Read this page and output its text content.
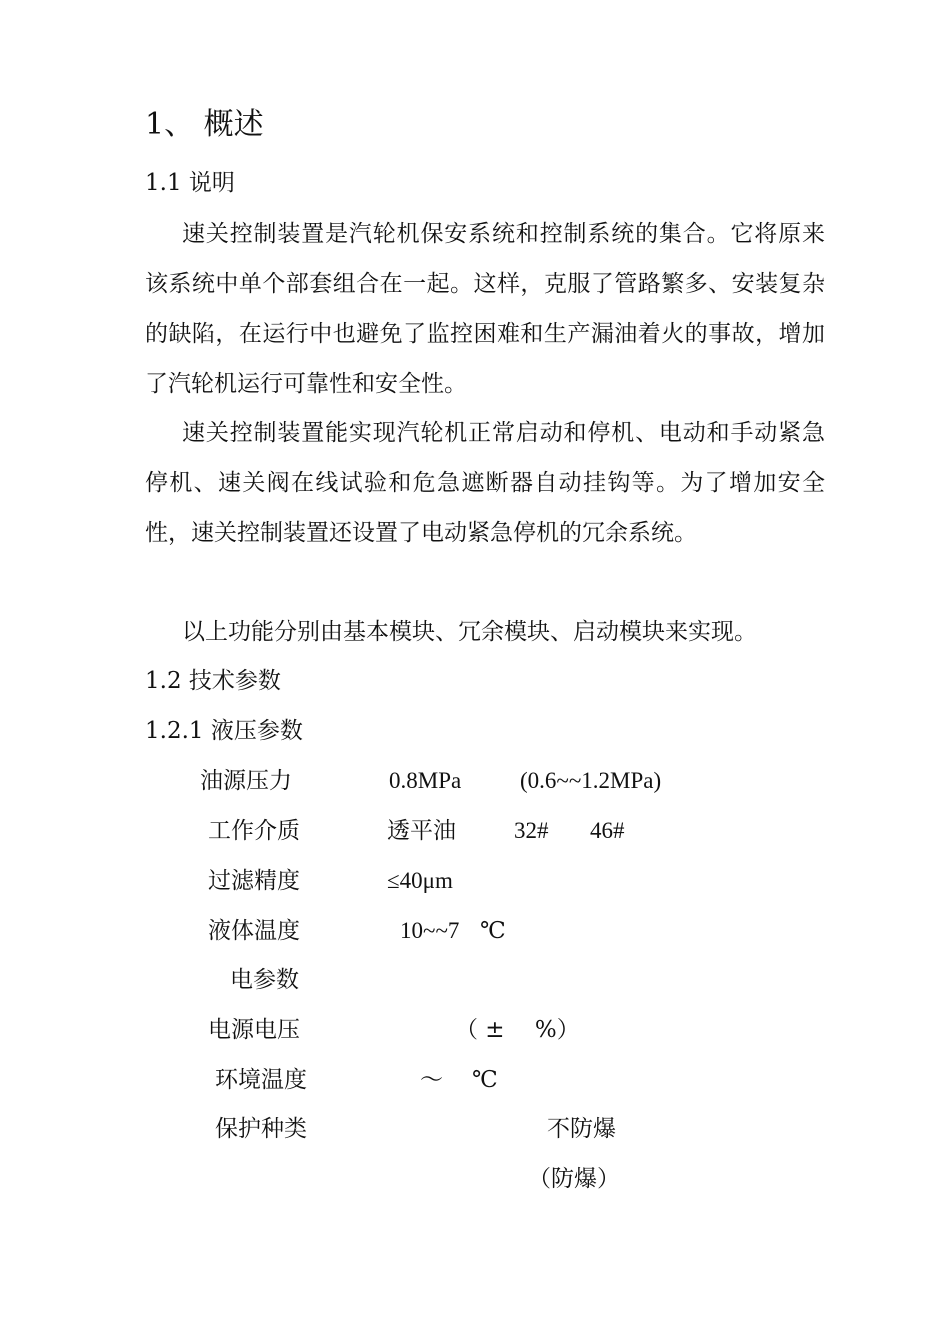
1、 概述
1.1 说明
速关控制装置是汽轮机保安系统和控制系统的集合。它将原来该系统中单个部套组合在一起。这样，克服了管路繁多、安装复杂的缺陷，在运行中也避免了监控困难和生产漏油着火的事故，增加了汽轮机运行可靠性和安全性。
速关控制装置能实现汽轮机正常启动和停机、电动和手动紧急停机、速关阀在线试验和危急遮断器自动挂钩等。为了增加安全性，速关控制装置还设置了电动紧急停机的冗余系统。
以上功能分别由基本模块、冗余模块、启动模块来实现。
1.2 技术参数
1.2.1 液压参数
油源压力	0.8MPa	(0.6~~1.2MPa)
工作介质	透平油	32# 46#
过滤精度	≤40μm
液体温度	10~~7 ℃
电参数
电源电压	（ ±　 %）
环境温度	～ ℃
保护种类	不防爆
（防爆）
